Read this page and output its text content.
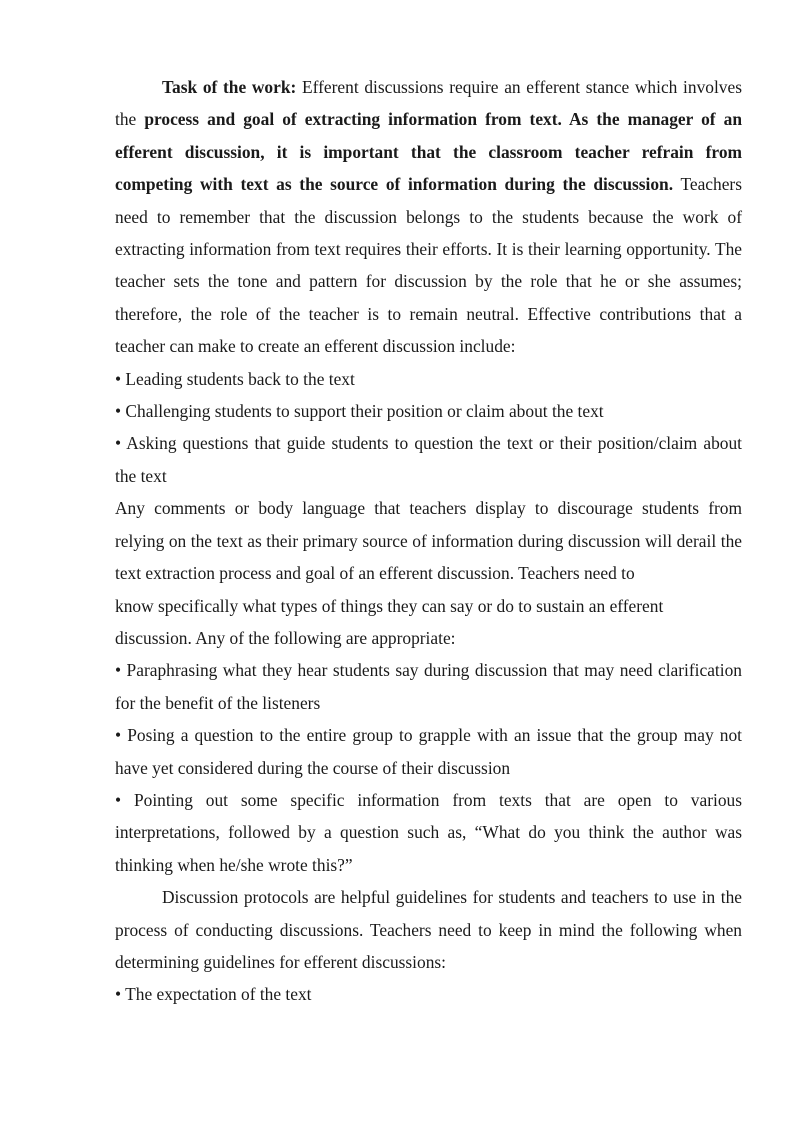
Task of the work: Efferent discussions require an efferent stance which involves the process and goal of extracting information from text. As the manager of an efferent discussion, it is important that the classroom teacher refrain from competing with text as the source of information during the discussion. Teachers need to remember that the discussion belongs to the students because the work of extracting information from text requires their efforts. It is their learning opportunity. The teacher sets the tone and pattern for discussion by the role that he or she assumes; therefore, the role of the teacher is to remain neutral. Effective contributions that a teacher can make to create an efferent discussion include:

• Leading students back to the text

• Challenging students to support their position or claim about the text

• Asking questions that guide students to question the text or their position/claim about the text

Any comments or body language that teachers display to discourage students from relying on the text as their primary source of information during discussion will derail the text extraction process and goal of an efferent discussion. Teachers need to

know specifically what types of things they can say or do to sustain an efferent discussion. Any of the following are appropriate:

• Paraphrasing what they hear students say during discussion that may need clarification for the benefit of the listeners

• Posing a question to the entire group to grapple with an issue that the group may not have yet considered during the course of their discussion

• Pointing out some specific information from texts that are open to various interpretations, followed by a question such as, “What do you think the author was thinking when he/she wrote this?”

Discussion protocols are helpful guidelines for students and teachers to use in the process of conducting discussions. Teachers need to keep in mind the following when determining guidelines for efferent discussions:

• The expectation of the text
